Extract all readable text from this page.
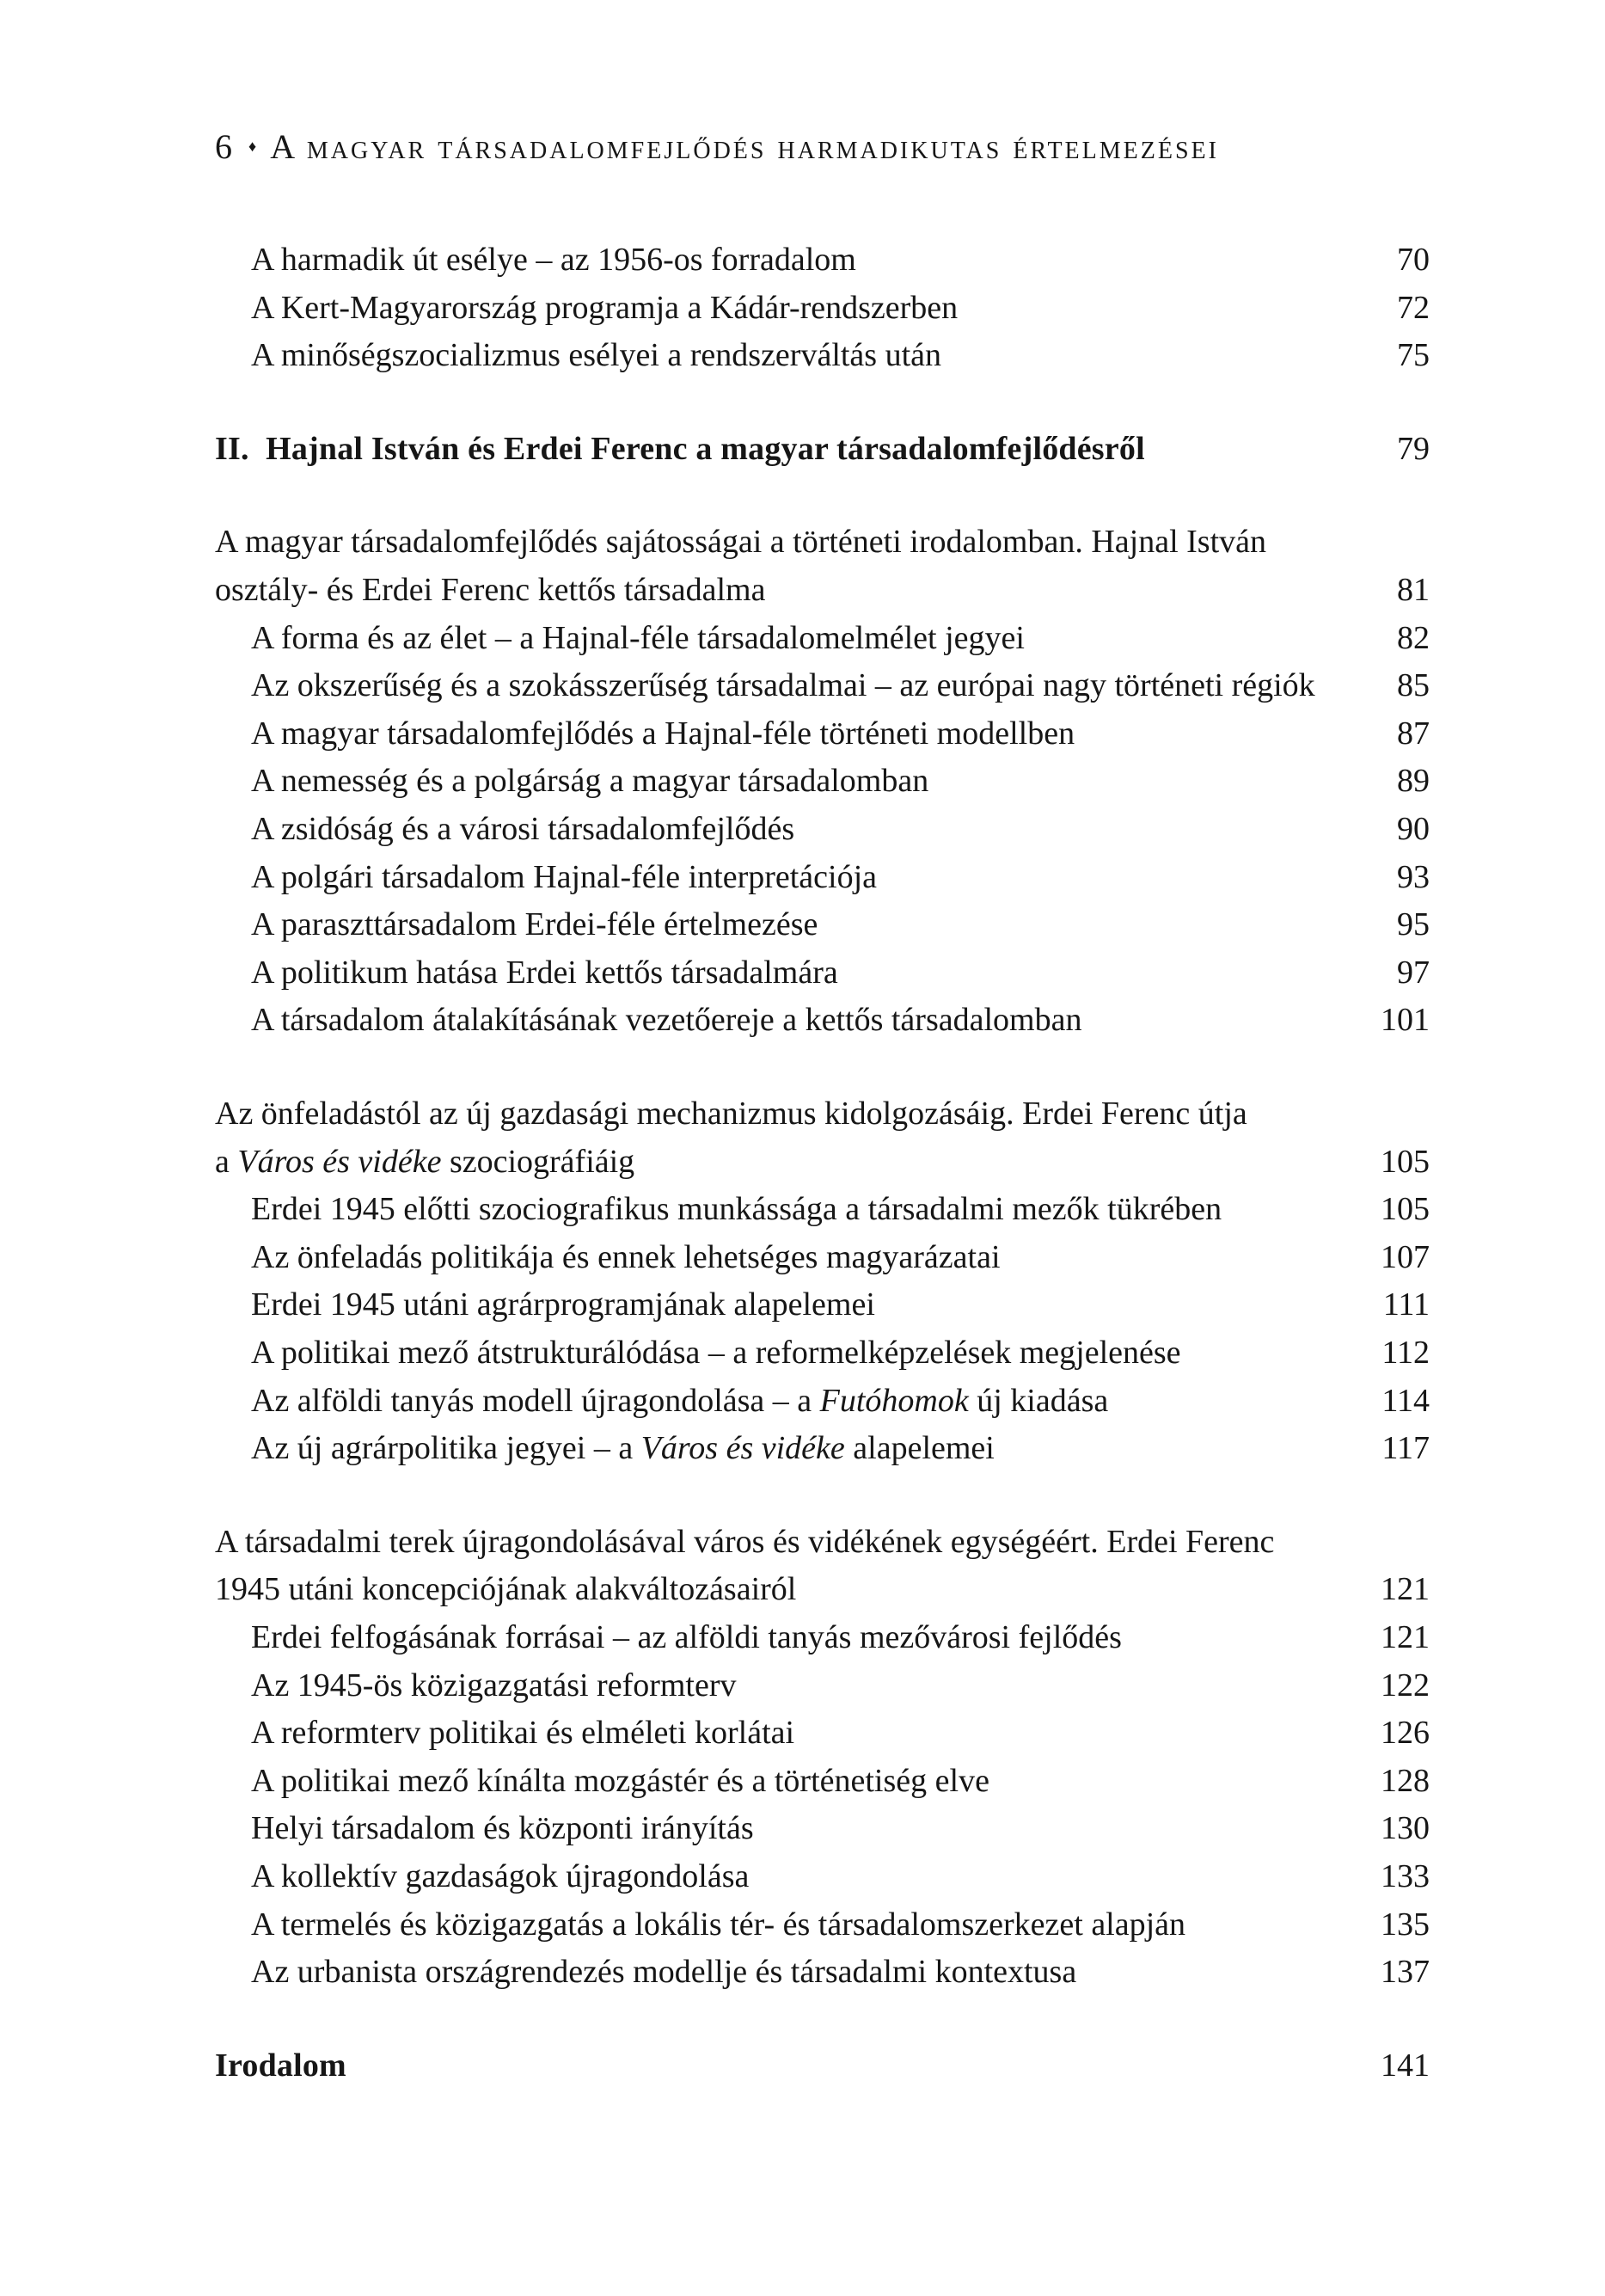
6 ♦ A magyar társadalomfejlődés harmadikutas értelmezései
A harmadik út esélye – az 1956-os forradalom	70
A Kert-Magyarország programja a Kádár-rendszerben	72
A minőségszocializmus esélyei a rendszerváltás után	75
II.  Hajnal István és Erdei Ferenc a magyar társadalomfejlődésről	79
A magyar társadalomfejlődés sajátosságai a történeti irodalomban. Hajnal István
osztály- és Erdei Ferenc kettős társadalma	81
A forma és az élet – a Hajnal-féle társadalomelmélet jegyei	82
Az okszerűség és a szokásszerűség társadalmai – az európai nagy történeti régiók	85
A magyar társadalomfejlődés a Hajnal-féle történeti modellben	87
A nemesség és a polgárság a magyar társadalomban	89
A zsidóság és a városi társadalomfejlődés	90
A polgári társadalom Hajnal-féle interpretációja	93
A paraszttársadalom Erdei-féle értelmezése	95
A politikum hatása Erdei kettős társadalmára	97
A társadalom átalakításának vezetőereje a kettős társadalomban	101
Az önfeladástól az új gazdasági mechanizmus kidolgozásáig. Erdei Ferenc útja
a Város és vidéke szociográfiáig	105
Erdei 1945 előtti szociografikus munkássága a társadalmi mezők tükrében	105
Az önfeladás politikája és ennek lehetséges magyarázatai	107
Erdei 1945 utáni agrárprogramjának alapelemei	111
A politikai mező átstrukturálódása – a reformelképzelések megjelenése	112
Az alföldi tanyás modell újragondolása – a Futóhomok új kiadása	114
Az új agrárpolitika jegyei – a Város és vidéke alapelemei	117
A társadalmi terek újragondolásával város és vidékének egységéért. Erdei Ferenc
1945 utáni koncepciójának alakváltozásairól	121
Erdei felfogásának forrásai – az alföldi tanyás mezővárosi fejlődés	121
Az 1945-ös közigazgatási reformterv	122
A reformterv politikai és elméleti korlátai	126
A politikai mező kínálta mozgástér és a történetiség elve	128
Helyi társadalom és központi irányítás	130
A kollektív gazdaságok újragondolása	133
A termelés és közigazgatás a lokális tér- és társadalomszerkezet alapján	135
Az urbanista országrendezés modellje és társadalmi kontextusa	137
Irodalom	141
